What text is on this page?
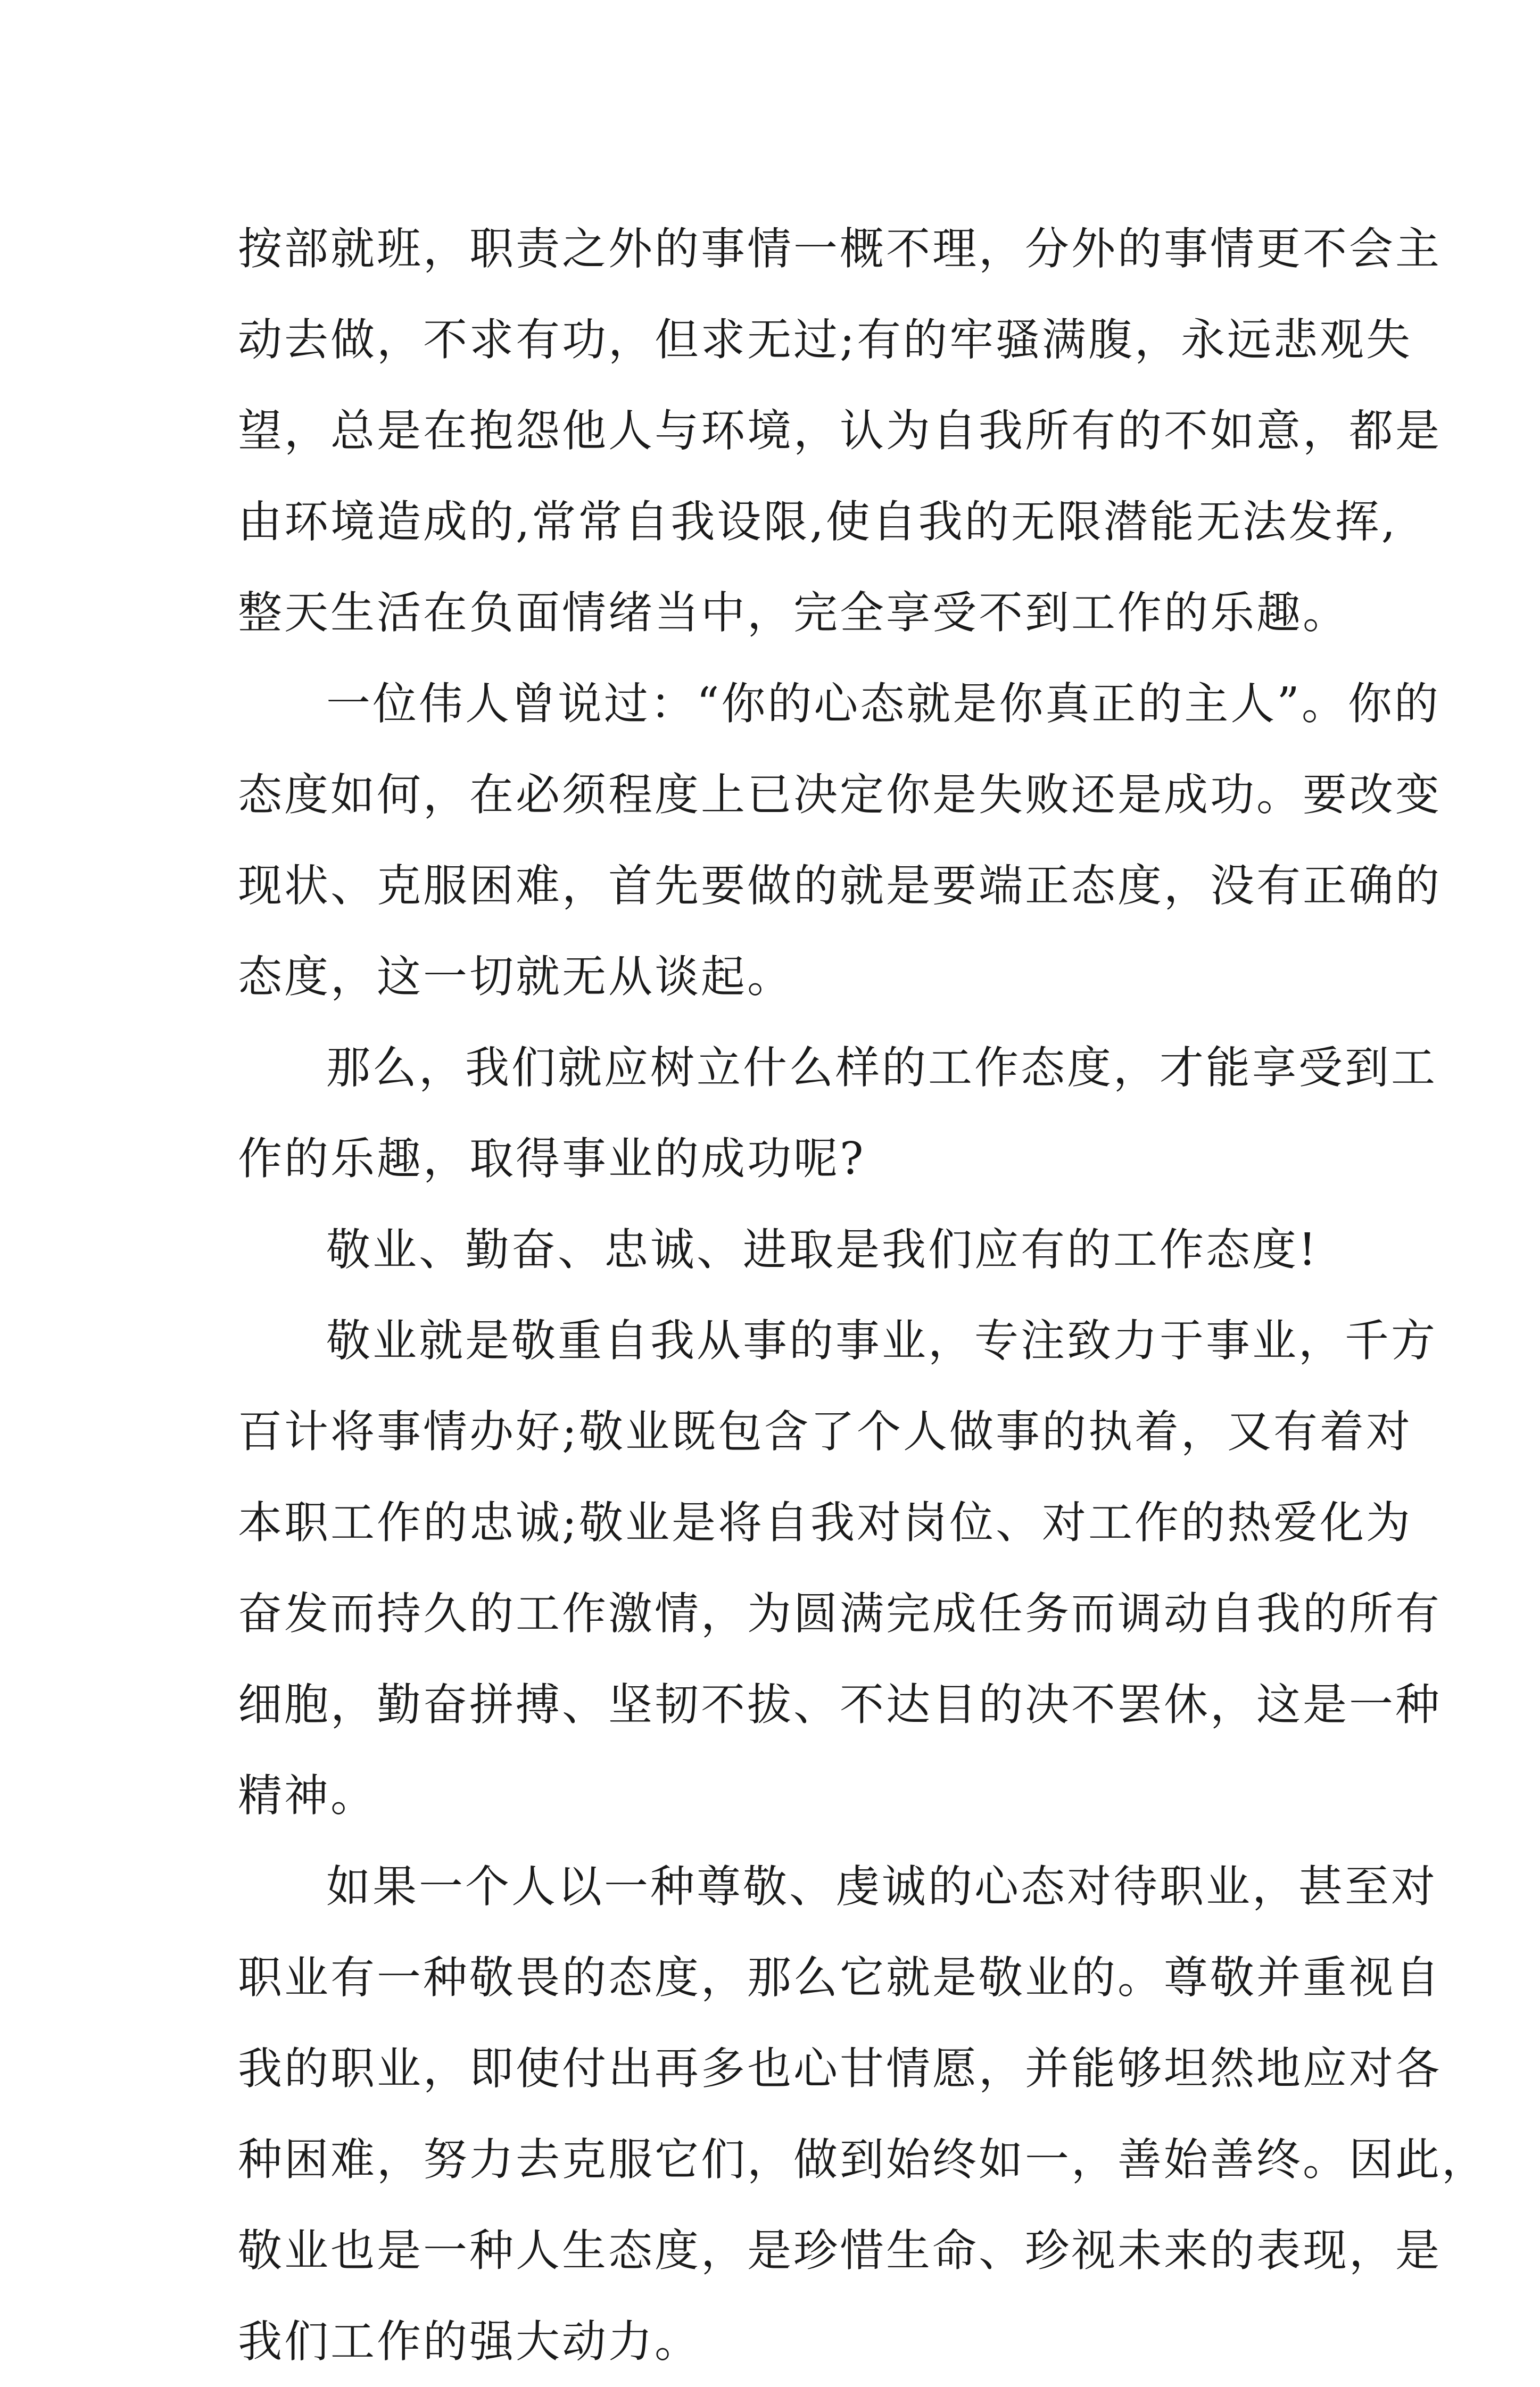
按部就班，职责之外的事情一概不理，分外的事情更不会主
动去做，不求有功，但求无过;有的牢骚满腹，永远悲观失
望，总是在抱怨他人与环境，认为自我所有的不如意，都是
由环境造成的,常常自我设限,使自我的无限潜能无法发挥,
整天生活在负面情绪当中，完全享受不到工作的乐趣。
一位伟人曾说过：“你的心态就是你真正的主人”。你的
态度如何，在必须程度上已决定你是失败还是成功。要改变
现状、克服困难，首先要做的就是要端正态度，没有正确的
态度，这一切就无从谈起。
那么，我们就应树立什么样的工作态度，才能享受到工
作的乐趣，取得事业的成功呢?
敬业、勤奋、忠诚、进取是我们应有的工作态度!
敬业就是敬重自我从事的事业，专注致力于事业，千方
百计将事情办好;敬业既包含了个人做事的执着，又有着对
本职工作的忠诚;敬业是将自我对岗位、对工作的热爱化为
奋发而持久的工作激情，为圆满完成任务而调动自我的所有
细胞，勤奋拼搏、坚韧不拔、不达目的决不罢休，这是一种
精神。
如果一个人以一种尊敬、虔诚的心态对待职业，甚至对
职业有一种敬畏的态度，那么它就是敬业的。尊敬并重视自
我的职业，即使付出再多也心甘情愿，并能够坦然地应对各
种困难，努力去克服它们，做到始终如一，善始善终。因此，
敬业也是一种人生态度，是珍惜生命、珍视未来的表现，是
我们工作的强大动力。
